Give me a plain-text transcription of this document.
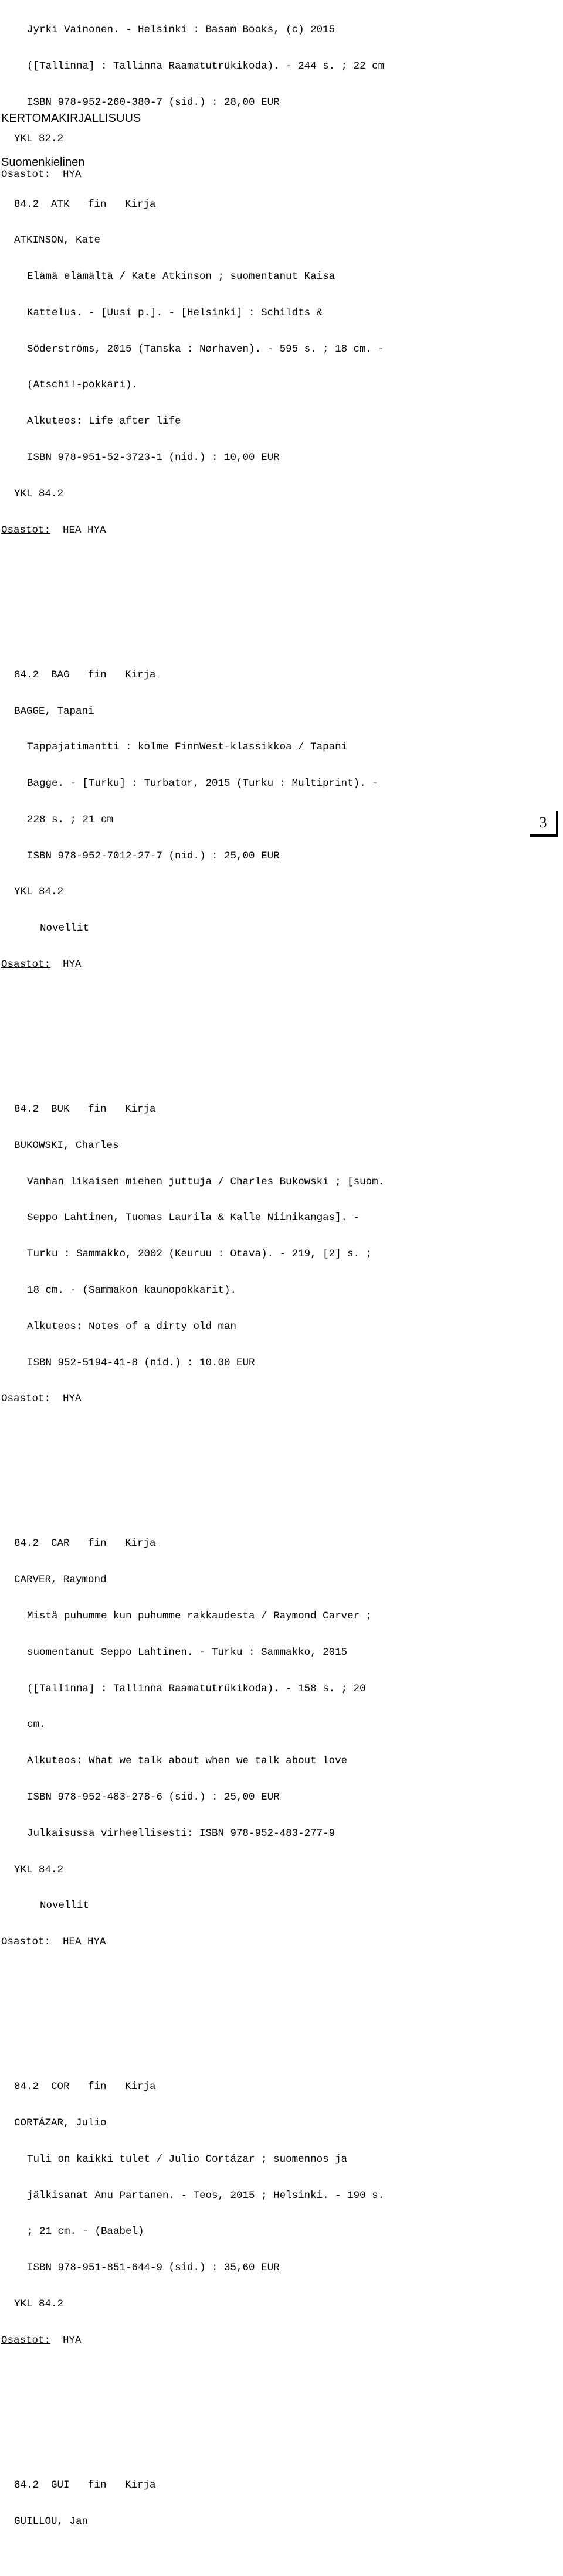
Jyrki Vainonen. - Helsinki : Basam Books, (c) 2015

([Tallinna] : Tallinna Raamatutrükikoda). - 244 s. ; 22 cm

ISBN 978-952-260-380-7 (sid.) : 28,00 EUR

YKL 82.2

Osastot: HYA

KERTOMAKIRJALLISUUS

Suomenkielinen

84.2  ATK   fin   Kirja

ATKINSON, Kate

Elämä elämältä / Kate Atkinson ; suomentanut Kaisa

Kattelus. - [Uusi p.]. - [Helsinki] : Schildts &

Söderströms, 2015 (Tanska : Nørhaven). - 595 s. ; 18 cm. -

(Atschi!-pokkari).

Alkuteos: Life after life

ISBN 978-951-52-3723-1 (nid.) : 10,00 EUR

YKL 84.2

Osastot: HEA HYA

84.2  BAG   fin   Kirja

BAGGE, Tapani

Tappajatimantti : kolme FinnWest-klassikkoa / Tapani

Bagge. - [Turku] : Turbator, 2015 (Turku : Multiprint). -

228 s. ; 21 cm

ISBN 978-952-7012-27-7 (nid.) : 25,00 EUR

YKL 84.2

Novellit

Osastot: HYA

84.2  BUK   fin   Kirja

BUKOWSKI, Charles

Vanhan likaisen miehen juttuja / Charles Bukowski ; [suom.

Seppo Lahtinen, Tuomas Laurila & Kalle Niinikangas]. -

Turku : Sammakko, 2002 (Keuruu : Otava). - 219, [2] s. ;

18 cm. - (Sammakon kaunopokkarit).

Alkuteos: Notes of a dirty old man

ISBN 952-5194-41-8 (nid.) : 10.00 EUR

Osastot: HYA

84.2  CAR   fin   Kirja

CARVER, Raymond

Mistä puhumme kun puhumme rakkaudesta / Raymond Carver ;

suomentanut Seppo Lahtinen. - Turku : Sammakko, 2015

([Tallinna] : Tallinna Raamatutrükikoda). - 158 s. ; 20

cm.

Alkuteos: What we talk about when we talk about love

ISBN 978-952-483-278-6 (sid.) : 25,00 EUR

Julkaisussa virheellisesti: ISBN 978-952-483-277-9

YKL 84.2

Novellit

Osastot: HEA HYA

84.2  COR   fin   Kirja

CORTÁZAR, Julio

Tuli on kaikki tulet / Julio Cortázar ; suomennos ja

jälkisanat Anu Partanen. - Teos, 2015 ; Helsinki. - 190 s.

; 21 cm. - (Baabel)

ISBN 978-951-851-644-9 (sid.) : 35,60 EUR

YKL 84.2

Osastot: HYA

84.2  GUI   fin   Kirja

GUILLOU, Jan

3
